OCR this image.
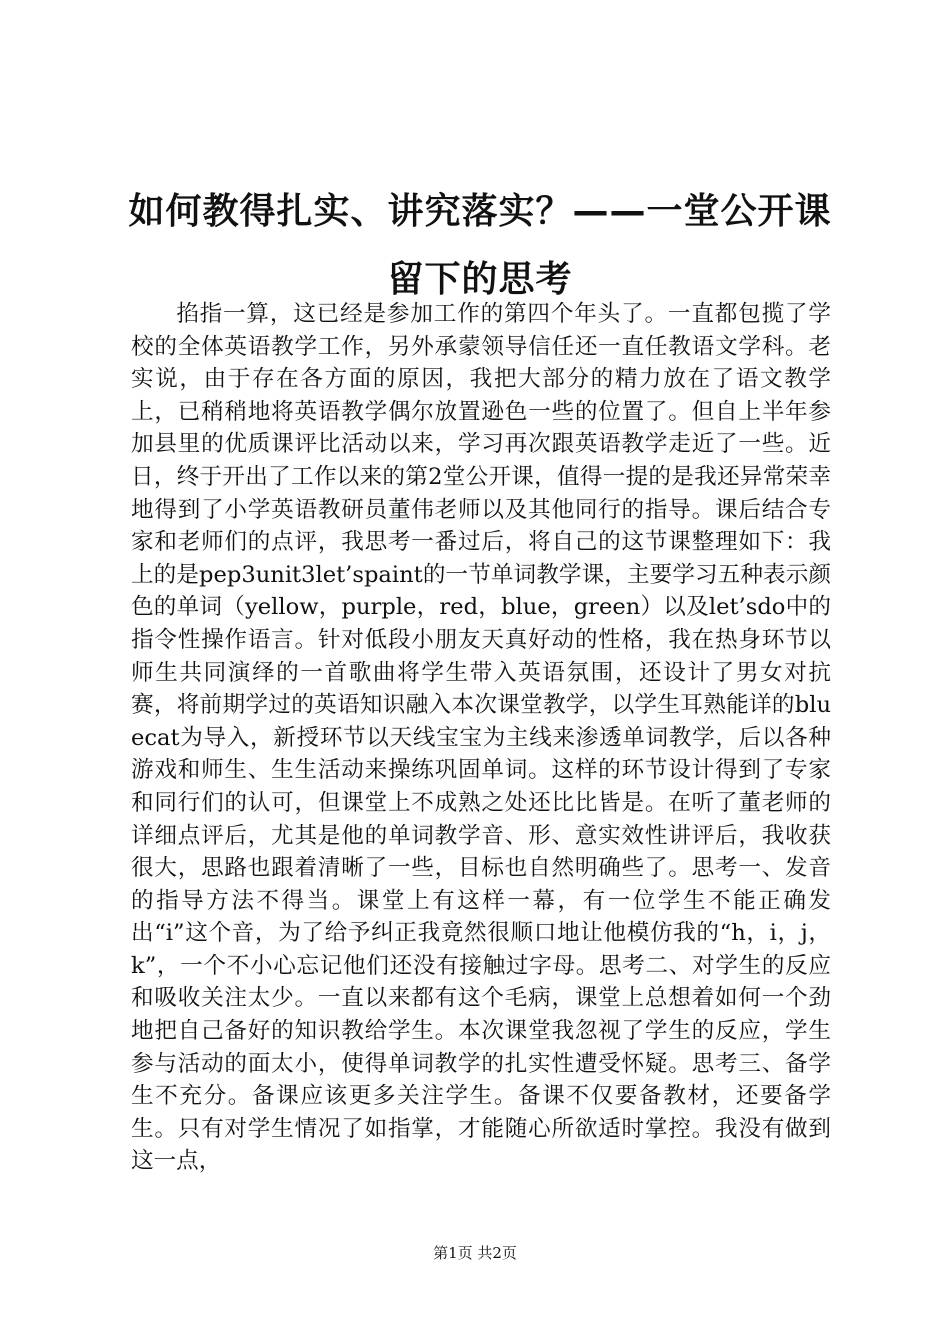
如何教得扎实、讲究落实？——一堂公开课留下的思考

掐指一算，这已经是参加工作的第四个年头了。一直都包揽了学校的全体英语教学工作，另外承蒙领导信任还一直任教语文学科。老实说，由于存在各方面的原因，我把大部分的精力放在了语文教学上，已稍稍地将英语教学偶尔放置逊色一些的位置了。但自上半年参加县里的优质课评比活动以来，学习再次跟英语教学走近了一些。近日，终于开出了工作以来的第2堂公开课，值得一提的是我还异常荣幸地得到了小学英语教研员董伟老师以及其他同行的指导。课后结合专家和老师们的点评，我思考一番过后，将自己的这节课整理如下：我上的是pep3unit3let’spaint的一节单词教学课，主要学习五种表示颜色的单词（yellow，purple，red，blue，green）以及let’sdo中的指令性操作语言。针对低段小朋友天真好动的性格，我在热身环节以师生共同演绎的一首歌曲将学生带入英语氛围，还设计了男女对抗赛，将前期学过的英语知识融入本次课堂教学，以学生耳熟能详的bluecat为导入，新授环节以天线宝宝为主线来渗透单词教学，后以各种游戏和师生、生生活动来操练巩固单词。这样的环节设计得到了专家和同行们的认可，但课堂上不成熟之处还比比皆是。在听了董老师的详细点评后，尤其是他的单词教学音、形、意实效性讲评后，我收获很大，思路也跟着清晰了一些，目标也自然明确些了。思考一、发音的指导方法不得当。课堂上有这样一幕，有一位学生不能正确发出“i”这个音，为了给予纠正我竟然很顺口地让他模仿我的“h，i，j，k”，一个不小心忘记他们还没有接触过字母。思考二、对学生的反应和吸收关注太少。一直以来都有这个毛病，课堂上总想着如何一个劲地把自己备好的知识教给学生。本次课堂我忽视了学生的反应，学生参与活动的面太小，使得单词教学的扎实性遭受怀疑。思考三、备学生不充分。备课应该更多关注学生。备课不仅要备教材，还要备学生。只有对学生情况了如指掌，才能随心所欲适时掌控。我没有做到这一点，

第1页 共2页
